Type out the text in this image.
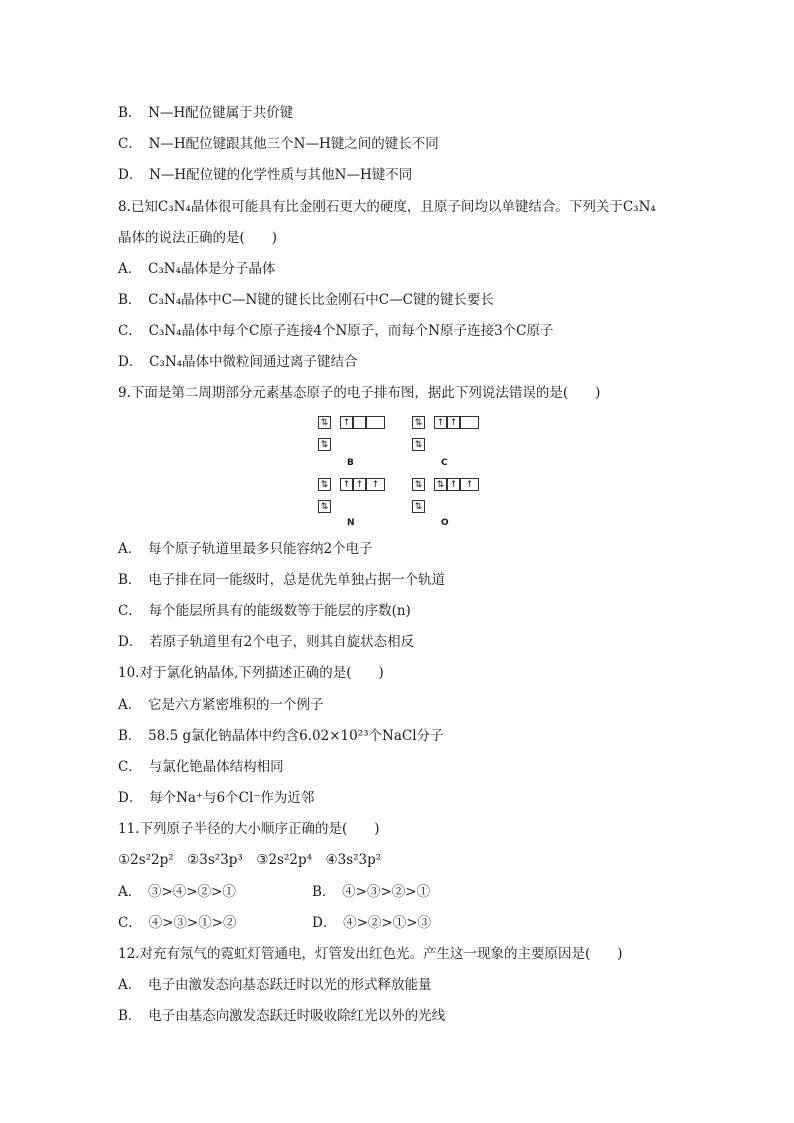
B．　N—H配位键属于共价键
C．　N—H配位键跟其他三个N—H键之间的键长不同
D．　N—H配位键的化学性质与其他N—H键不同
8.已知C₃N₄晶体很可能具有比金刚石更大的硬度，且原子间均以单键结合。下列关于C₃N₄
晶体的说法正确的是(　　)
A．　C₃N₄晶体是分子晶体
B．　C₃N₄晶体中C—N键的键长比金刚石中C—C键的键长要长
C．　C₃N₄晶体中每个C原子连接4个N原子，而每个N原子连接3个C原子
D．　C₃N₄晶体中微粒间通过离子键结合
9.下面是第二周期部分元素基态原子的电子排布图，据此下列说法错误的是(　　)
⇅	↑
⇅
B
⇅	↑ ↑
⇅
C
⇅	↑ ↑ ↑
⇅
N
⇅	⇅ ↑ ↑
⇅
O
A．　每个原子轨道里最多只能容纳2个电子
B．　电子排在同一能级时，总是优先单独占据一个轨道
C．　每个能层所具有的能级数等于能层的序数(n)
D．　若原子轨道里有2个电子，则其自旋状态相反
10.对于氯化钠晶体,下列描述正确的是(　　)
A．　它是六方紧密堆积的一个例子
B．　58.5 g氯化钠晶体中约含6.02×10²³个NaCl分子
C．　与氯化铯晶体结构相同
D．　每个Na⁺与6个Cl⁻作为近邻
11.下列原子半径的大小顺序正确的是(　　)
①2s²2p²　②3s²3p³　③2s²2p⁴　④3s²3p²
A．　③>④>②>①	B．　④>③>②>①
C．　④>③>①>②	D．　④>②>①>③
12.对充有氖气的霓虹灯管通电，灯管发出红色光。产生这一现象的主要原因是(　　)
A．　电子由激发态向基态跃迁时以光的形式释放能量
B．　电子由基态向激发态跃迁时吸收除红光以外的光线
